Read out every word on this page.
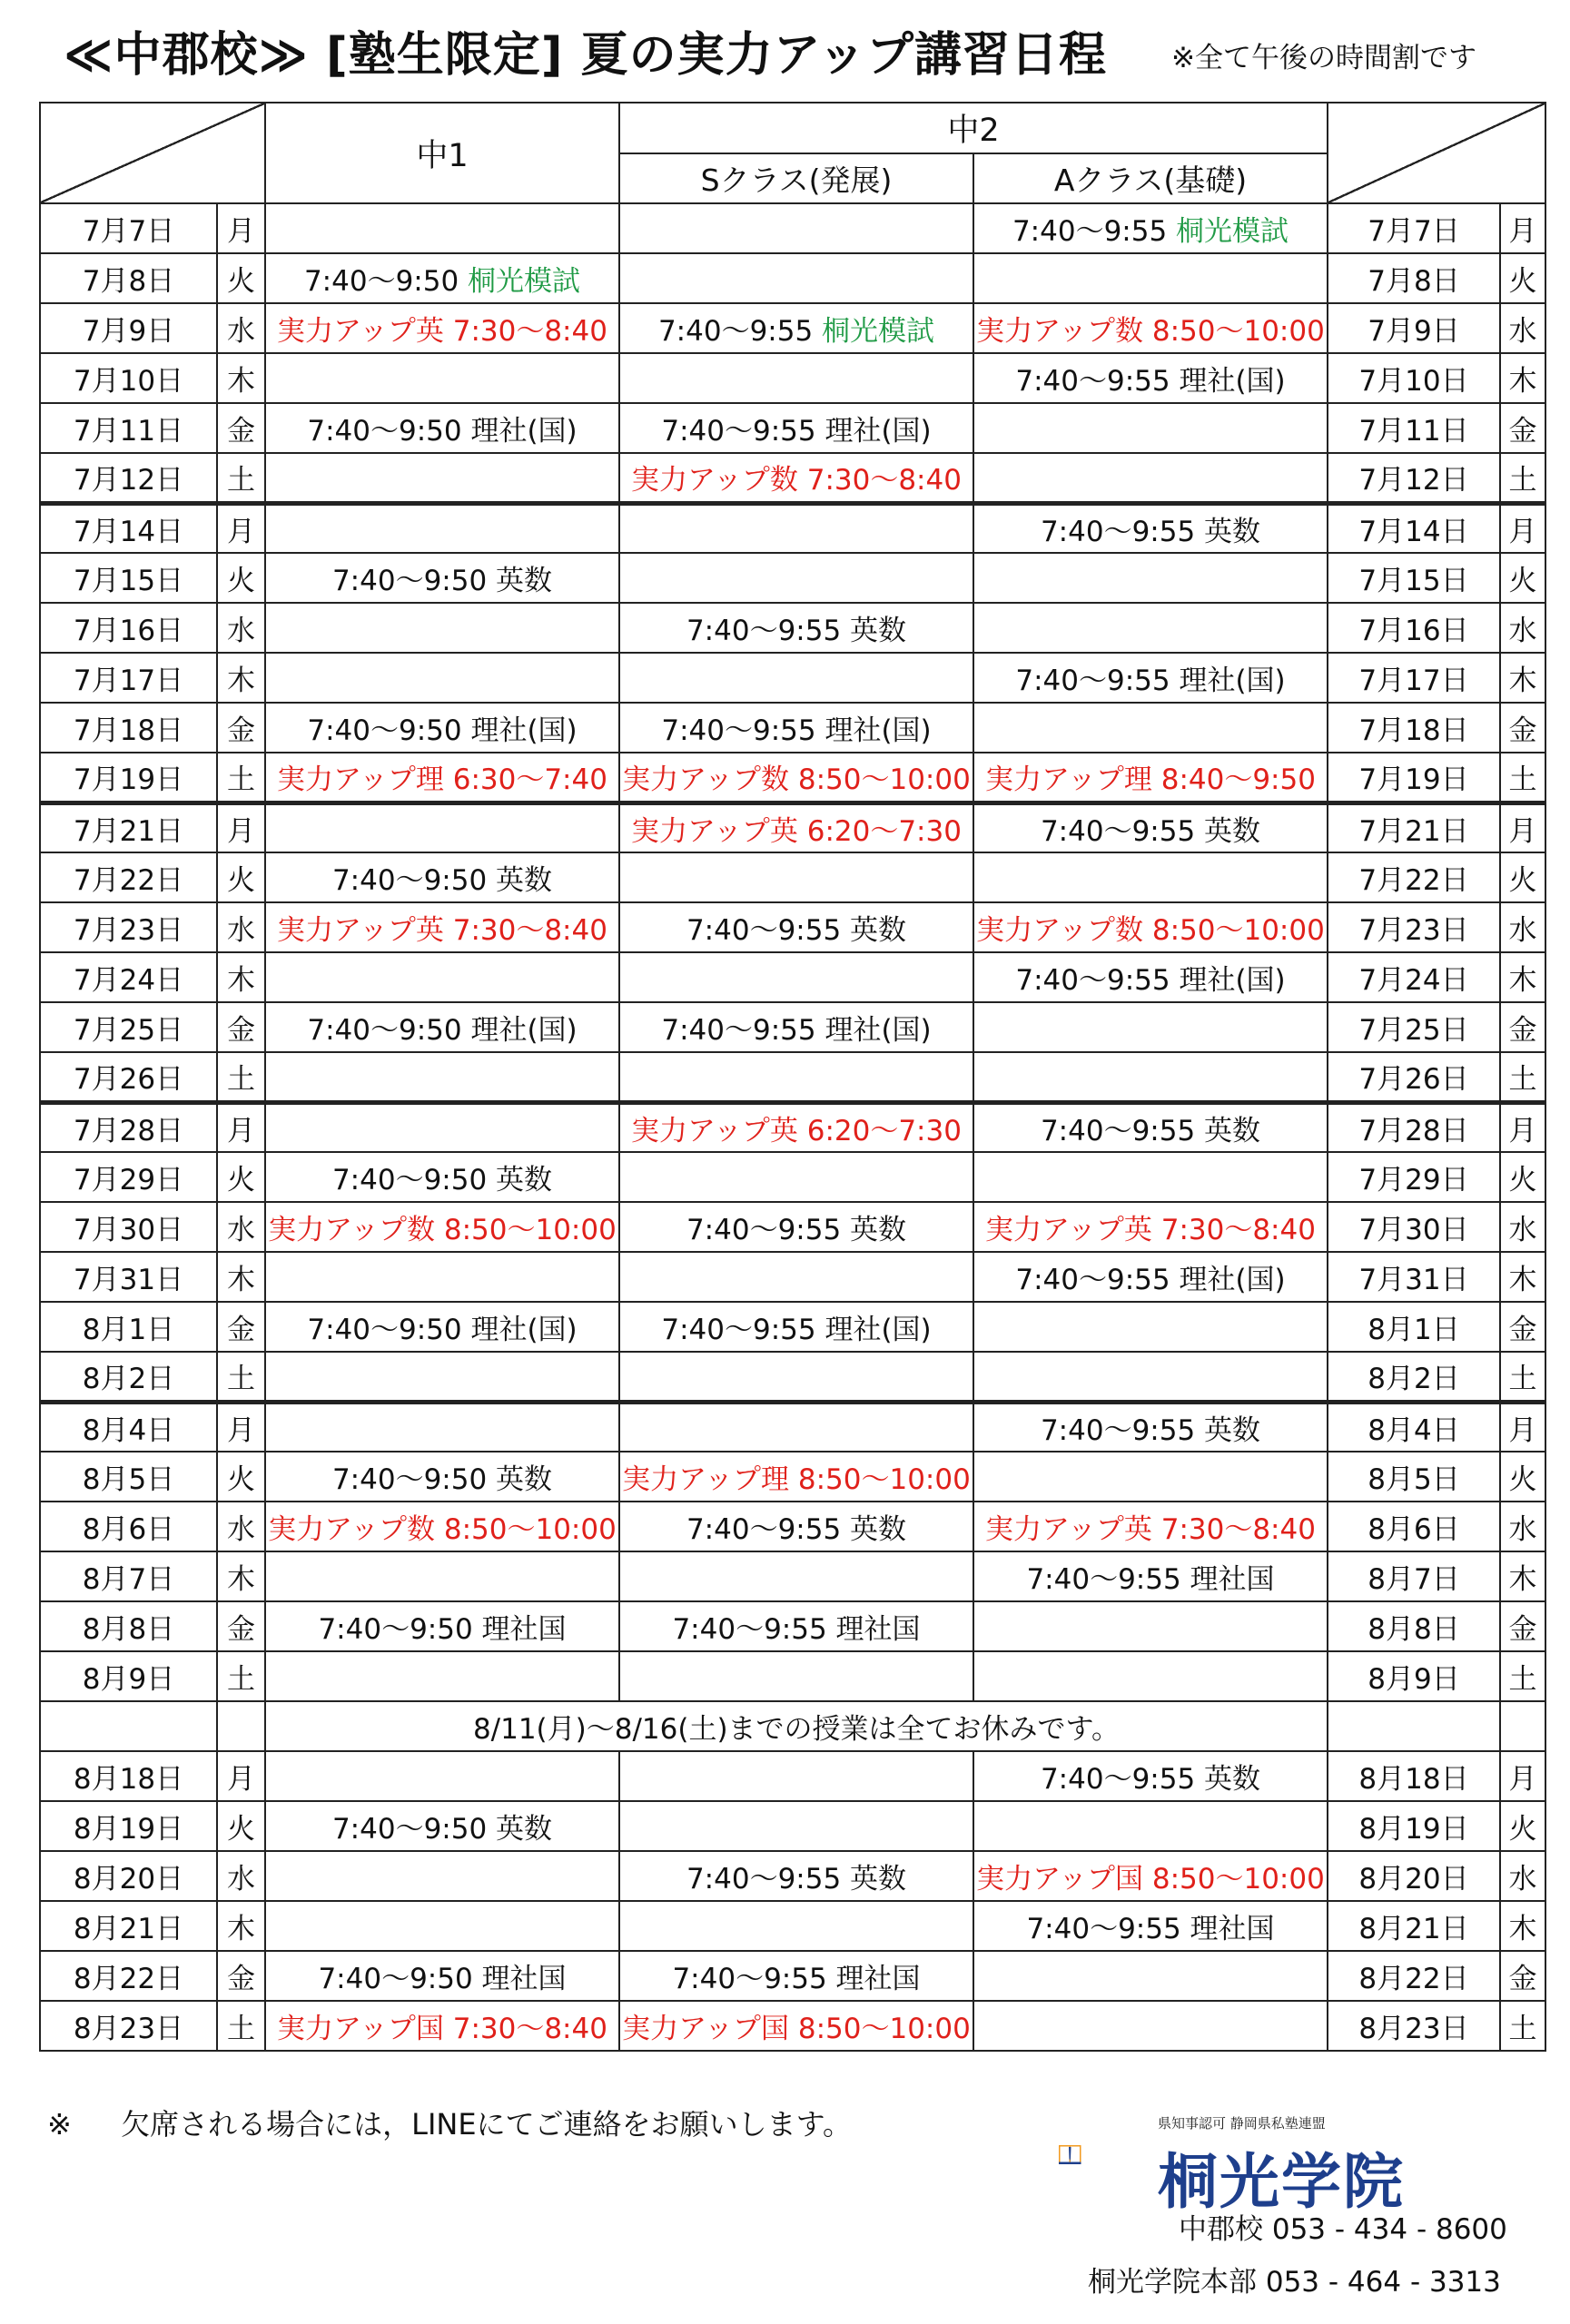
≪中郡校≫ [塾生限定] 夏の実力アップ講習日程 ※全て午後の時間割です
		中1	中2			
			Sクラス(発展)	Aクラス(基礎)		
7月7日	月			7:40～9:55 桐光模試	7月7日	月
7月8日	火	7:40～9:50 桐光模試			7月8日	火
7月9日	水	実力アップ英 7:30～8:40	7:40～9:55 桐光模試	実力アップ数 8:50～10:00	7月9日	水
7月10日	木			7:40～9:55 理社(国)	7月10日	木
7月11日	金	7:40～9:50 理社(国)	7:40～9:55 理社(国)		7月11日	金
7月12日	土		実力アップ数 7:30～8:40		7月12日	土
7月14日	月			7:40～9:55 英数	7月14日	月
7月15日	火	7:40～9:50 英数			7月15日	火
7月16日	水		7:40～9:55 英数		7月16日	水
7月17日	木			7:40～9:55 理社(国)	7月17日	木
7月18日	金	7:40～9:50 理社(国)	7:40～9:55 理社(国)		7月18日	金
7月19日	土	実力アップ理 6:30～7:40	実力アップ数 8:50～10:00	実力アップ理 8:40～9:50	7月19日	土
7月21日	月		実力アップ英 6:20～7:30	7:40～9:55 英数	7月21日	月
7月22日	火	7:40～9:50 英数			7月22日	火
7月23日	水	実力アップ英 7:30～8:40	7:40～9:55 英数	実力アップ数 8:50～10:00	7月23日	水
7月24日	木			7:40～9:55 理社(国)	7月24日	木
7月25日	金	7:40～9:50 理社(国)	7:40～9:55 理社(国)		7月25日	金
7月26日	土				7月26日	土
7月28日	月		実力アップ英 6:20～7:30	7:40～9:55 英数	7月28日	月
7月29日	火	7:40～9:50 英数			7月29日	火
7月30日	水	実力アップ数 8:50～10:00	7:40～9:55 英数	実力アップ英 7:30～8:40	7月30日	水
7月31日	木			7:40～9:55 理社(国)	7月31日	木
8月1日	金	7:40～9:50 理社(国)	7:40～9:55 理社(国)		8月1日	金
8月2日	土				8月2日	土
8月4日	月			7:40～9:55 英数	8月4日	月
8月5日	火	7:40～9:50 英数	実力アップ理 8:50～10:00		8月5日	火
8月6日	水	実力アップ数 8:50～10:00	7:40～9:55 英数	実力アップ英 7:30～8:40	8月6日	水
8月7日	木			7:40～9:55 理社国	8月7日	木
8月8日	金	7:40～9:50 理社国	7:40～9:55 理社国		8月8日	金
8月9日	土				8月9日	土
		8/11(月)～8/16(土)までの授業は全てお休みです。				
8月18日	月			7:40～9:55 英数	8月18日	月
8月19日	火	7:40～9:50 英数			8月19日	火
8月20日	水		7:40～9:55 英数	実力アップ国 8:50～10:00	8月20日	水
8月21日	木			7:40～9:55 理社国	8月21日	木
8月22日	金	7:40～9:50 理社国	7:40～9:55 理社国		8月22日	金
8月23日	土	実力アップ国 7:30～8:40	実力アップ国 8:50～10:00		8月23日	土
※ 欠席される場合には，LINEにてご連絡をお願いします。	県知事認可 静岡県私塾連盟
桐光学院
中郡校 053 - 434 - 8600
桐光学院本部 053 - 464 - 3313
